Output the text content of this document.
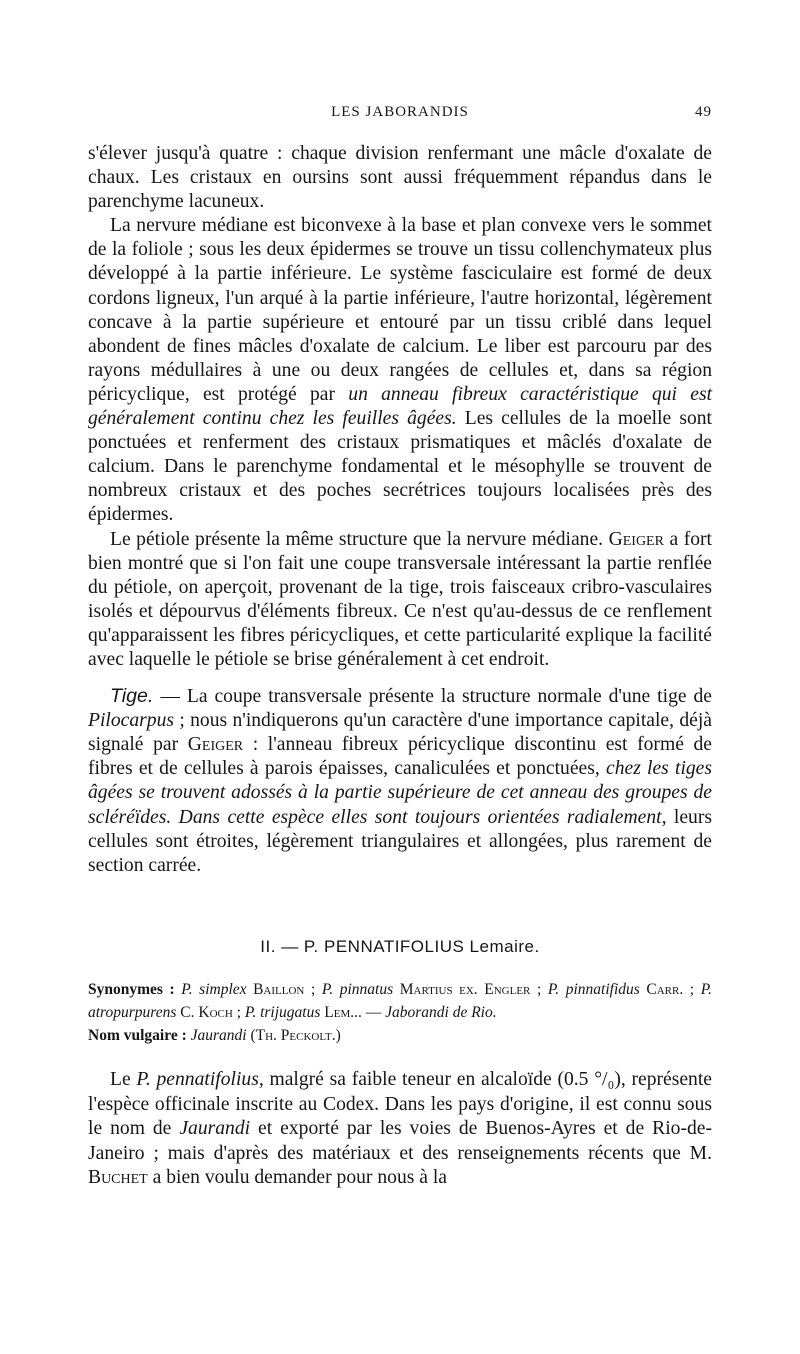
LES JABORANDIS	49

s'élever jusqu'à quatre : chaque division renfermant une mâcle d'oxalate de chaux. Les cristaux en oursins sont aussi fréquemment répandus dans le parenchyme lacuneux.

La nervure médiane est biconvexe à la base et plan convexe vers le sommet de la foliole ; sous les deux épidermes se trouve un tissu collenchymateux plus développé à la partie inférieure. Le système fasciculaire est formé de deux cordons ligneux, l'un arqué à la partie inférieure, l'autre horizontal, légèrement concave à la partie supérieure et entouré par un tissu criblé dans lequel abondent de fines mâcles d'oxalate de calcium. Le liber est parcouru par des rayons médullaires à une ou deux rangées de cellules et, dans sa région péricyclique, est protégé par un anneau fibreux caractéristique qui est généralement continu chez les feuilles âgées. Les cellules de la moelle sont ponctuées et renferment des cristaux prismatiques et mâclés d'oxalate de calcium. Dans le parenchyme fondamental et le mésophylle se trouvent de nombreux cristaux et des poches secrétrices toujours localisées près des épidermes.

Le pétiole présente la même structure que la nervure médiane. Geiger a fort bien montré que si l'on fait une coupe transversale intéressant la partie renflée du pétiole, on aperçoit, provenant de la tige, trois faisceaux cribro-vasculaires isolés et dépourvus d'éléments fibreux. Ce n'est qu'au-dessus de ce renflement qu'apparaissent les fibres péricycliques, et cette particularité explique la facilité avec laquelle le pétiole se brise généralement à cet endroit.

Tige. — La coupe transversale présente la structure normale d'une tige de Pilocarpus ; nous n'indiquerons qu'un caractère d'une importance capitale, déjà signalé par Geiger : l'anneau fibreux péricyclique discontinu est formé de fibres et de cellules à parois épaisses, canaliculées et ponctuées, chez les tiges âgées se trouvent adossés à la partie supérieure de cet anneau des groupes de scléréïdes. Dans cette espèce elles sont toujours orientées radialement, leurs cellules sont étroites, légèrement triangulaires et allongées, plus rarement de section carrée.

II. — P. PENNATIFOLIUS Lemaire.

Synonymes : P. simplex Baillon ; P. pinnatus Martius ex. Engler ; P. pinnatifidus Carr. ; P. atropurpurens C. Koch ; P. trijugatus Lem... — Jaborandi de Rio.

Nom vulgaire : Jaurandi (Th. Peckolt.)

Le P. pennatifolius, malgré sa faible teneur en alcaloïde (0.5 °/₀), représente l'espèce officinale inscrite au Codex. Dans les pays d'origine, il est connu sous le nom de Jaurandi et exporté par les voies de Buenos-Ayres et de Rio-de-Janeiro ; mais d'après des matériaux et des renseignements récents que M. Buchet a bien voulu demander pour nous à la
